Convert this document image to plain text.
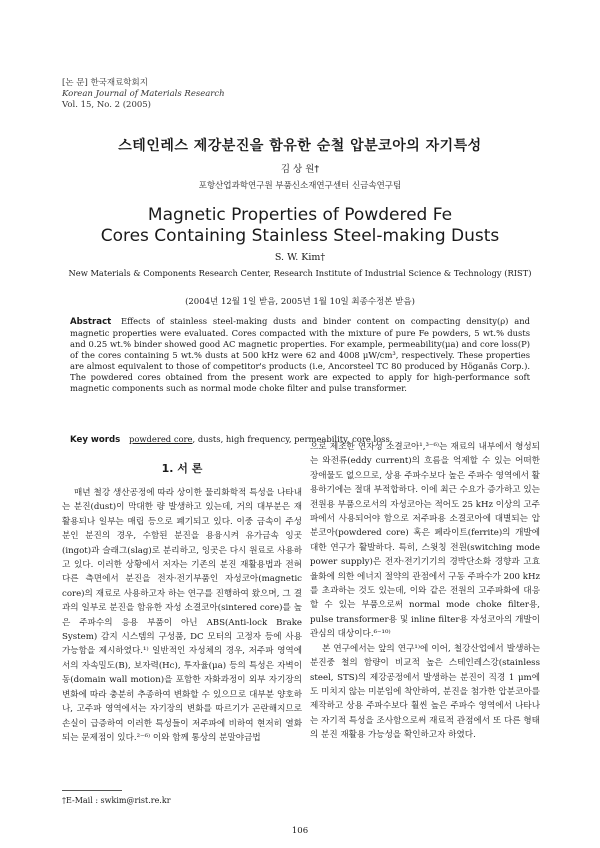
[논 문] 한국재료학회지
Korean Journal of Materials Research
Vol. 15, No. 2 (2005)
스테인레스 제강분진을 함유한 순철 압분코아의 자기특성
김 상 원†
포항산업과학연구원 부품신소재연구센터 신금속연구팀
Magnetic Properties of Powdered Fe
Cores Containing Stainless Steel-making Dusts
S. W. Kim†
New Materials & Components Research Center, Research Institute of Industrial Science & Technology (RIST)
(2004년 12월 1일 받음, 2005년 1월 10일 최종수정본 받음)
Abstract Effects of stainless steel-making dusts and binder content on compacting density(ρ) and magnetic properties were evaluated. Cores compacted with the mixture of pure Fe powders, 5 wt.% dusts and 0.25 wt.% binder showed good AC magnetic properties. For example, permeability(μa) and core loss(P) of the cores containing 5 wt.% dusts at 500 kHz were 62 and 4008 μW/cm³, respectively. These properties are almost equivalent to those of competitor's products (i.e, Ancorsteel TC 80 produced by Höganäs Corp.). The powdered cores obtained from the present work are expected to apply for high-performance soft magnetic components such as normal mode choke filter and pulse transformer.
Key words powdered core, dusts, high frequency, permeability, core loss.
1. 서 론

매년 철강 생산공정에 따라 상이한 물리화학적 특성을 나타내는 분진(dust)이 막대한 량 발생하고 있는데, 거의 대부분은 재활용되나 일부는 매립 등으로 폐기되고 있다. 이중 금속이 주성분인 분진의 경우, 수함된 분진을 용융시켜 유가금속 잉곳(ingot)과 슬래그(slag)로 분리하고, 잉곳은 다시 원료로 사용하고 있다. 이러한 상황에서 저자는 기존의 분진 재활용법과 전혀 다른 측면에서 분진을 전자·전기부품인 자성코아(magnetic core)의 재료로 사용하고자 하는 연구를 진행하여 왔으며, 그 결과의 일부로 분진을 함유한 자성 소결코아(sintered core)를 높은 주파수의 응용 부품이 아닌 ABS(Anti-lock Brake System) 감지 시스템의 구성품, DC 모터의 고정자 등에 사용 가능함을 제시하였다.¹⁾ 일반적인 자성체의 경우, 저주파 영역에서의 자속밀도(B), 보자력(Hc), 투자율(μa) 등의 특성은 자벽이동(domain wall motion)을 포함한 자화과정이 외부 자기장의 변화에 따라 충분히 추종하여 변화할 수 있으므로 대부분 양호하나, 고주파 영역에서는 자기장의 변화를 따르기가 곤란해지므로 손실이 급증하여 이러한 특성들이 저주파에 비하여 현저히 열화되는 문제점이 있다.²⁻⁶⁾ 이와 함께 통상의 분말야금법

으로 제조한 연자성 소결코아¹,³⁻⁶⁾는 재료의 내부에서 형성되는 와전류(eddy current)의 흐름을 억제할 수 있는 어떠한 장애물도 없으므로, 상용 주파수보다 높은 주파수 영역에서 활용하기에는 절대 부적합하다. 이에 최근 수요가 증가하고 있는 전원용 부품으로서의 자성코아는 적어도 25 kHz 이상의 고주파에서 사용되어야 함으로 저주파용 소결코아에 대별되는 압분코아(powdered core) 혹은 페라이트(ferrite)의 개발에 대한 연구가 활발하다. 특히, 스윗칭 전원(switching mode power supply)은 전자·전기기기의 경박단소화 경향과 고효율화에 의한 에너지 절약의 관점에서 구동 주파수가 200 kHz를 초과하는 것도 있는데, 이와 같은 전원의 고주파화에 대응할 수 있는 부품으로써 normal mode choke filter용, pulse transformer용 및 inline filter용 자성코아의 개발이 관심의 대상이다.⁶⁻¹⁰⁾

본 연구에서는 앞의 연구¹⁾에 이어, 철강산업에서 발생하는 분진중 철의 함량이 비교적 높은 스테인레스강(stainless steel, STS)의 제강공정에서 발생하는 분진이 직경 1 μm에도 미치지 않는 미분임에 착안하여, 분진을 첨가한 압분코아를 제작하고 상용 주파수보다 훨씬 높은 주파수 영역에서 나타나는 자기적 특성을 조사함으로써 재료적 관점에서 또 다른 형태의 분진 재활용 가능성을 확인하고자 하였다.

†E-Mail : swkim@rist.re.kr
106
